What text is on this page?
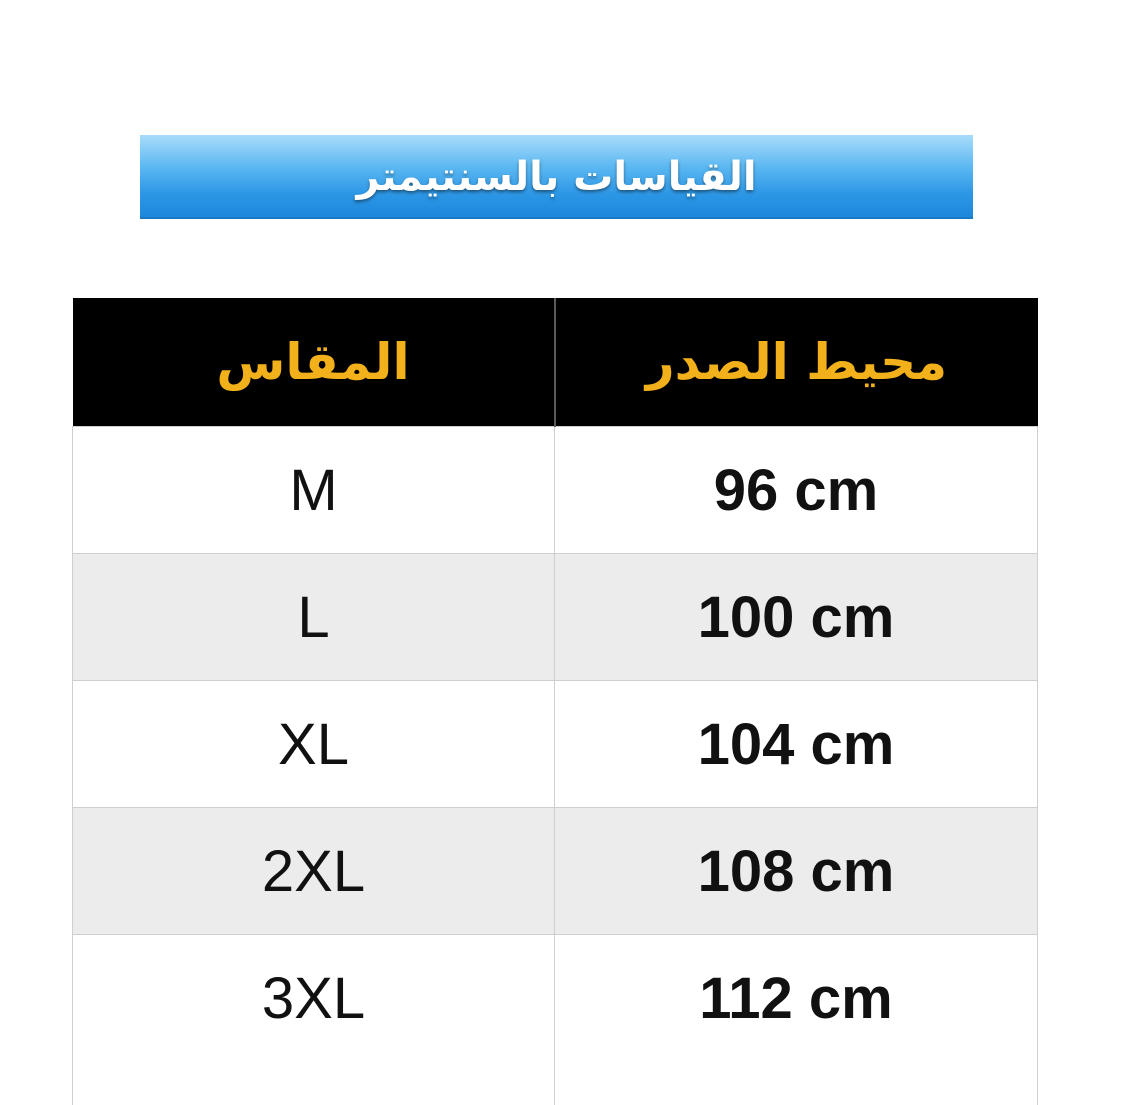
القياسات بالسنتيمتر
المقاس	محيط الصدر
M	96 cm
L	100 cm
XL	104 cm
2XL	108 cm
3XL	112 cm
